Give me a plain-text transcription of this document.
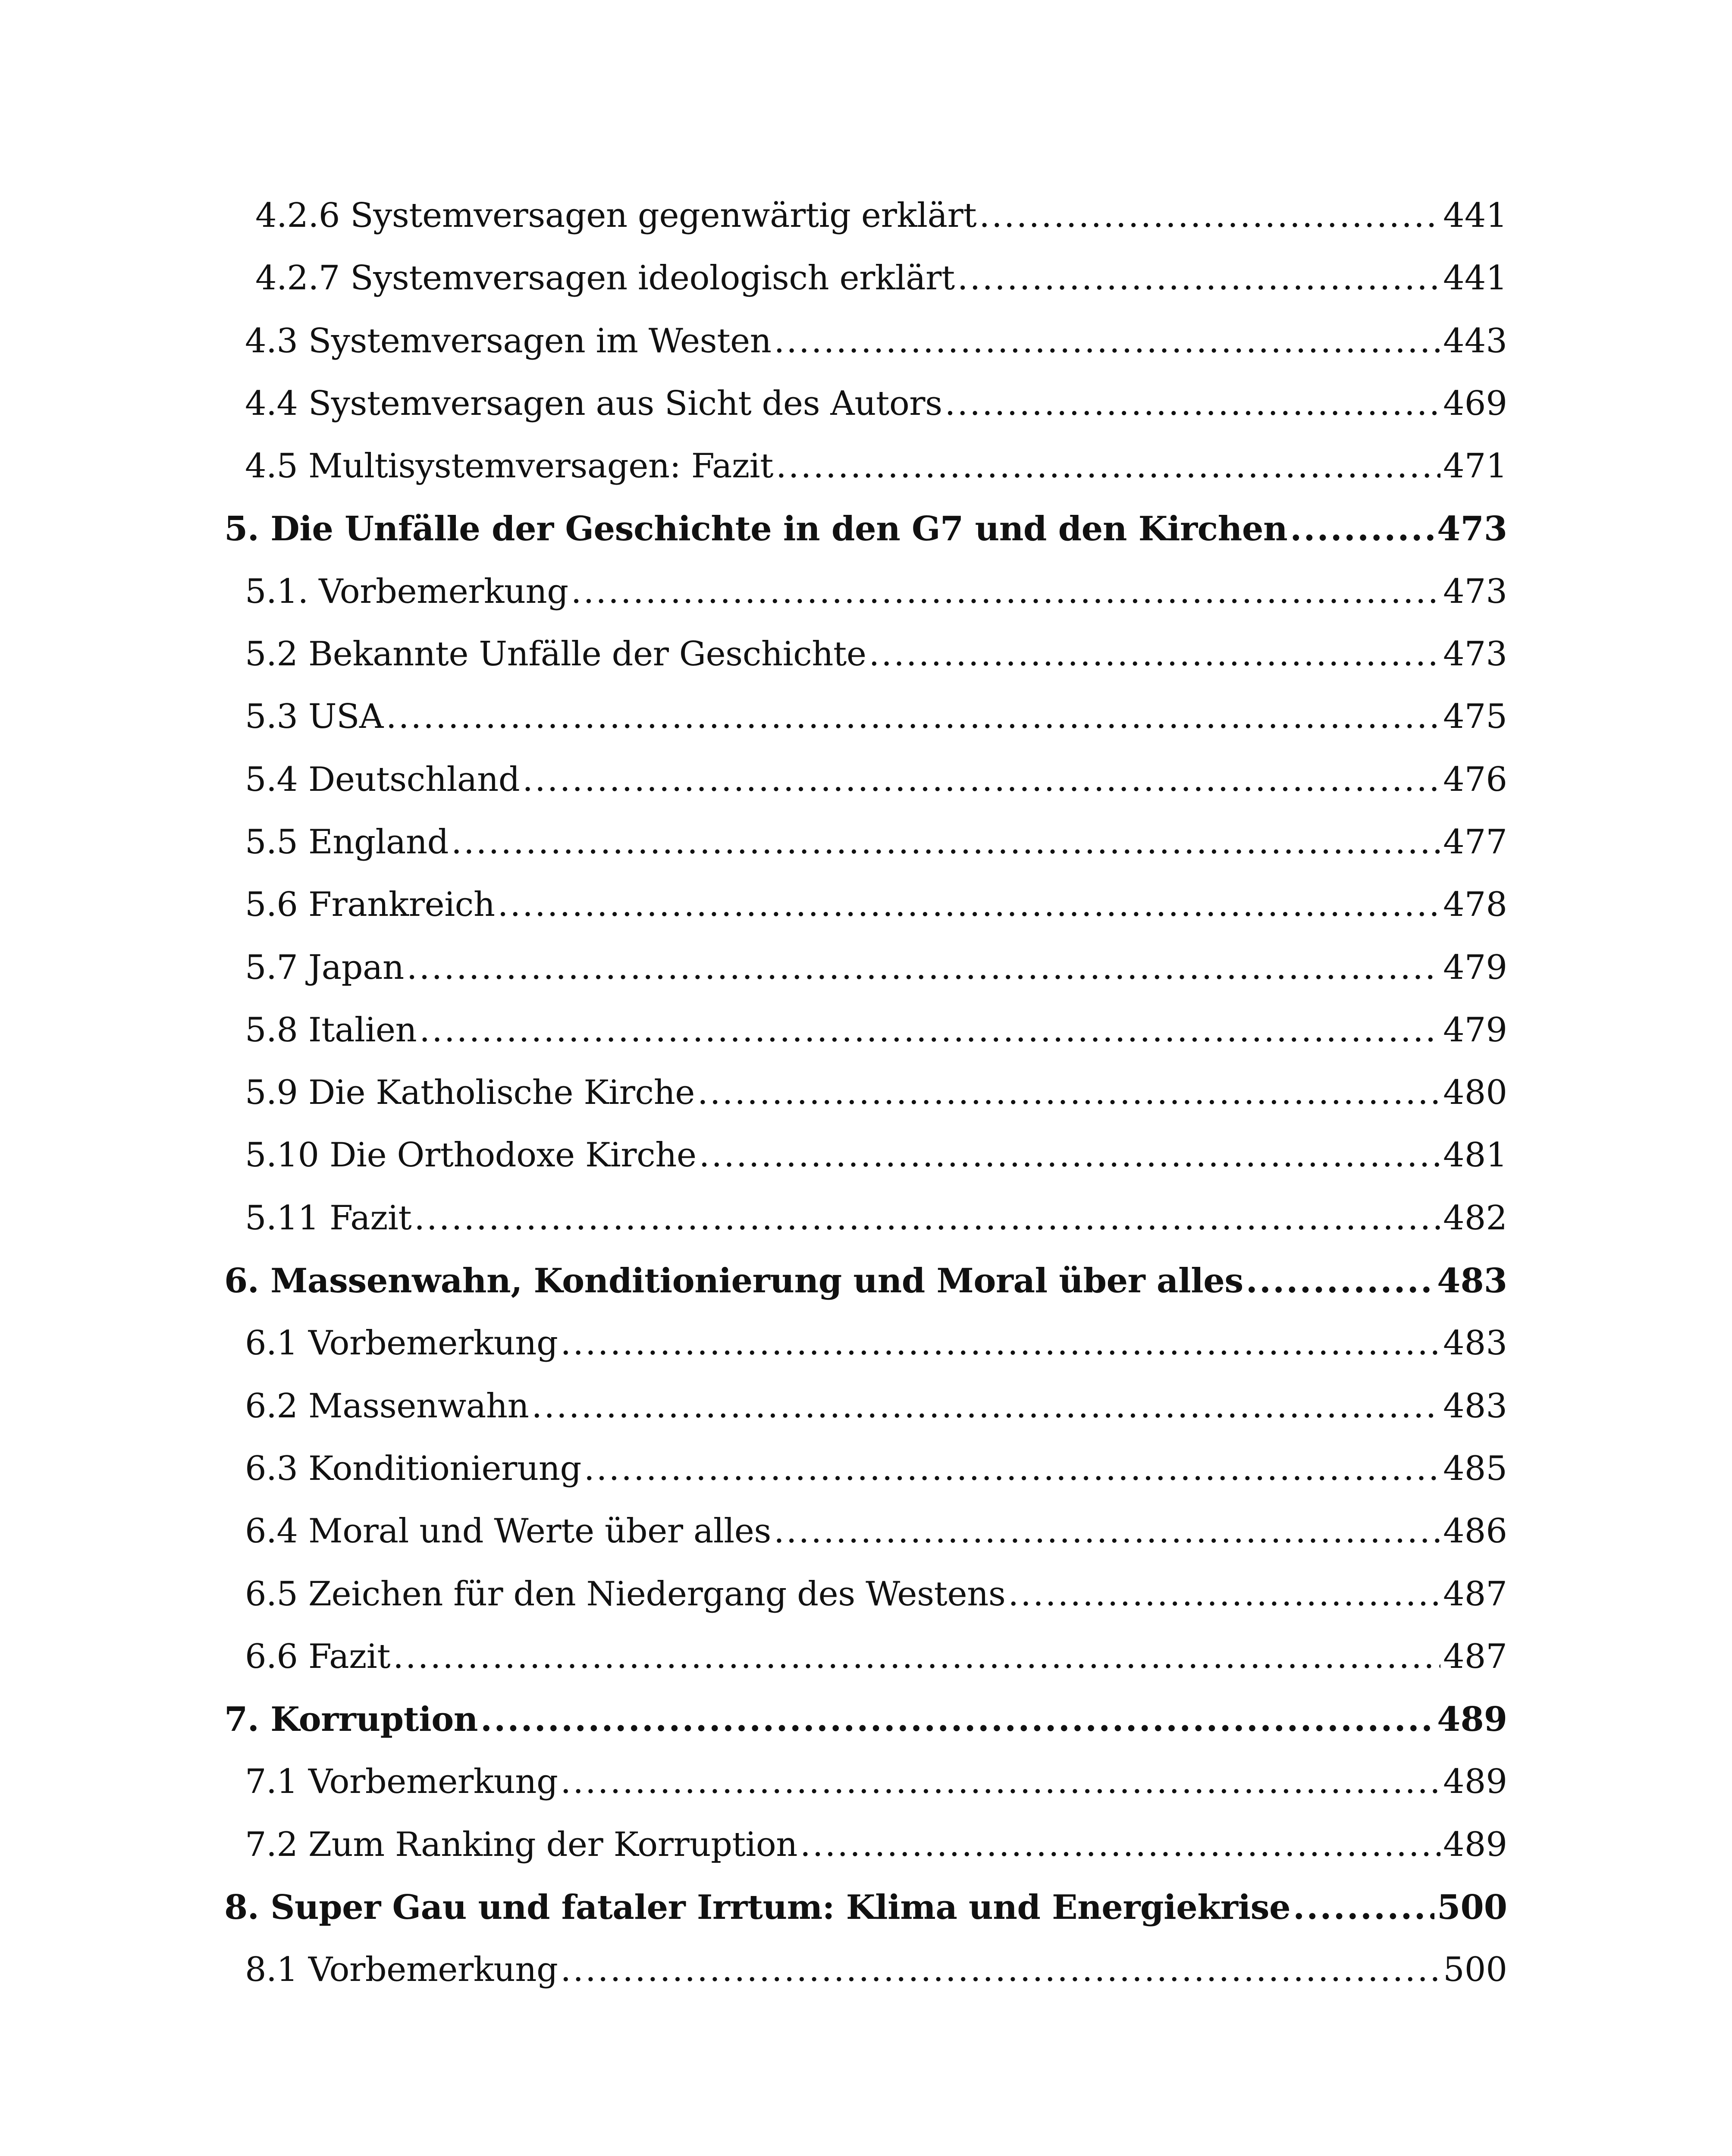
4.2.6 Systemversagen gegenwärtig erklärt .....	441
4.2.7 Systemversagen ideologisch erklärt .....	441
4.3 Systemversagen im Westen .....	443
4.4 Systemversagen aus Sicht des Autors .....	469
4.5 Multisystemversagen: Fazit .....	471
5. Die Unfälle der Geschichte in den G7 und den Kirchen .....	473
5.1. Vorbemerkung .....	473
5.2 Bekannte Unfälle der Geschichte .....	473
5.3 USA .....	475
5.4 Deutschland .....	476
5.5 England .....	477
5.6 Frankreich .....	478
5.7 Japan .....	479
5.8 Italien .....	479
5.9 Die Katholische Kirche .....	480
5.10 Die Orthodoxe Kirche .....	481
5.11 Fazit .....	482
6. Massenwahn, Konditionierung und Moral über alles .....	483
6.1 Vorbemerkung .....	483
6.2 Massenwahn .....	483
6.3 Konditionierung .....	485
6.4 Moral und Werte über alles .....	486
6.5 Zeichen für den Niedergang des Westens .....	487
6.6 Fazit .....	487
7. Korruption .....	489
7.1 Vorbemerkung .....	489
7.2 Zum Ranking der Korruption .....	489
8. Super Gau und fataler Irrtum: Klima und Energiekrise .....	500
8.1 Vorbemerkung .....	500
